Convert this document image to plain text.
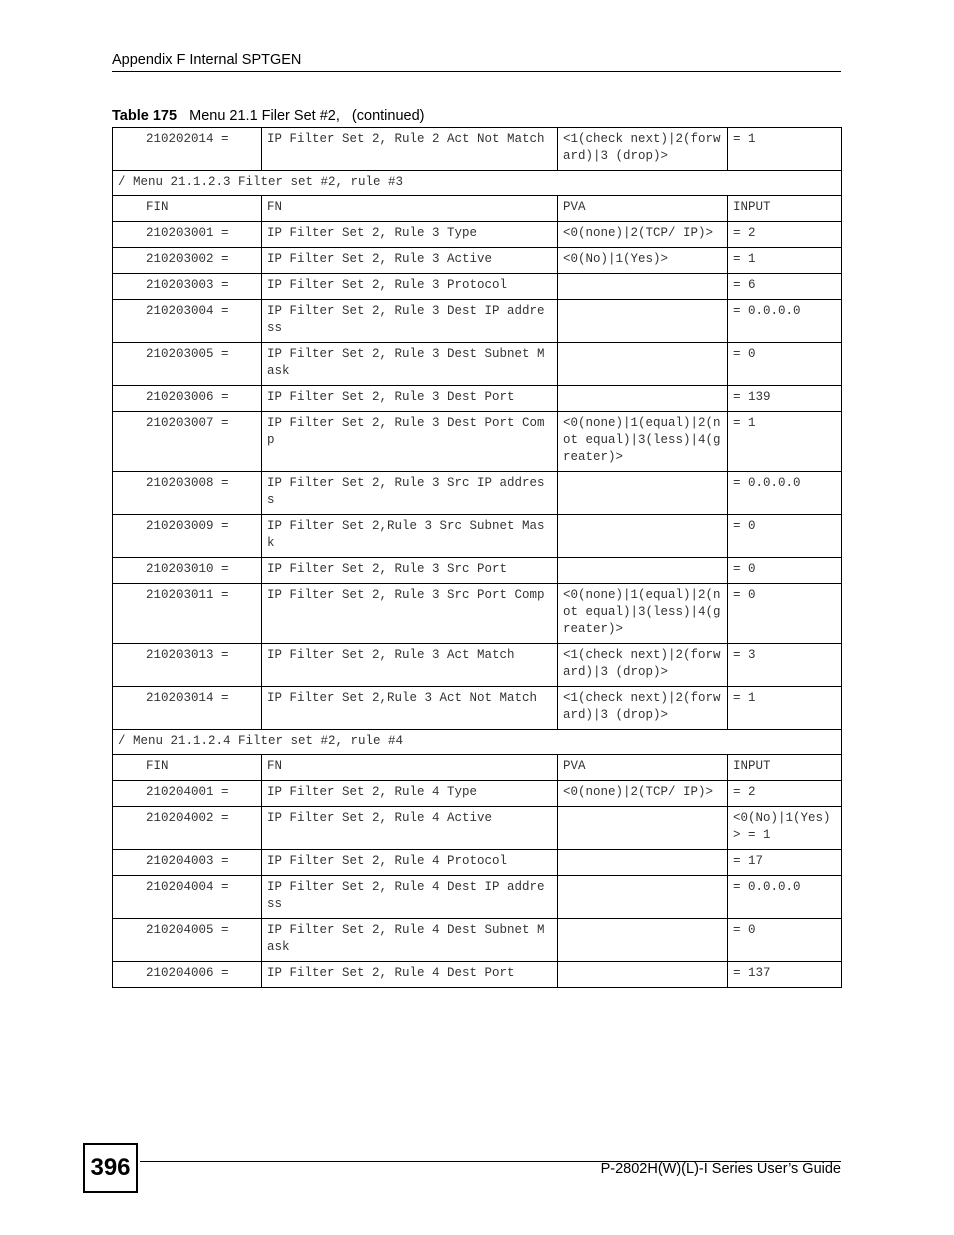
Appendix F Internal SPTGEN
Table 175 Menu 21.1 Filer Set #2,   (continued)
210202014 =	IP Filter Set 2, Rule 2 Act Not Match	<1(check next)|2(forward)|3 (drop)>	= 1
/ Menu 21.1.2.3 Filter set #2, rule #3			
FIN	FN	PVA	INPUT
210203001 =	IP Filter Set 2, Rule 3 Type	<0(none)|2(TCP/ IP)>	= 2
210203002 =	IP Filter Set 2, Rule 3 Active	<0(No)|1(Yes)>	= 1
210203003 =	IP Filter Set 2, Rule 3 Protocol		= 6
210203004 =	IP Filter Set 2, Rule 3 Dest IP address		= 0.0.0.0
210203005 =	IP Filter Set 2, Rule 3 Dest Subnet Mask		= 0
210203006 =	IP Filter Set 2, Rule 3 Dest Port		= 139
210203007 =	IP Filter Set 2, Rule 3 Dest Port Comp	<0(none)|1(equal)|2(not equal)|3(less)|4(greater)>	= 1
210203008 =	IP Filter Set 2, Rule 3 Src IP address		= 0.0.0.0
210203009 =	IP Filter Set 2,Rule 3 Src Subnet Mask		= 0
210203010 =	IP Filter Set 2, Rule 3 Src Port		= 0
210203011 =	IP Filter Set 2, Rule 3 Src Port Comp	<0(none)|1(equal)|2(not equal)|3(less)|4(greater)>	= 0
210203013 =	IP Filter Set 2, Rule 3 Act Match	<1(check next)|2(forward)|3 (drop)>	= 3
210203014 =	IP Filter Set 2,Rule 3 Act Not Match	<1(check next)|2(forward)|3 (drop)>	= 1
/ Menu 21.1.2.4 Filter set #2, rule #4			
FIN	FN	PVA	INPUT
210204001 =	IP Filter Set 2, Rule 4 Type	<0(none)|2(TCP/ IP)>	= 2
210204002 =	IP Filter Set 2, Rule 4 Active		<0(No)|1(Yes)> = 1
210204003 =	IP Filter Set 2, Rule 4 Protocol		= 17
210204004 =	IP Filter Set 2, Rule 4 Dest IP address		= 0.0.0.0
210204005 =	IP Filter Set 2, Rule 4 Dest Subnet Mask		= 0
210204006 =	IP Filter Set 2, Rule 4 Dest Port		= 137
396	P-2802H(W)(L)-I Series User’s Guide
